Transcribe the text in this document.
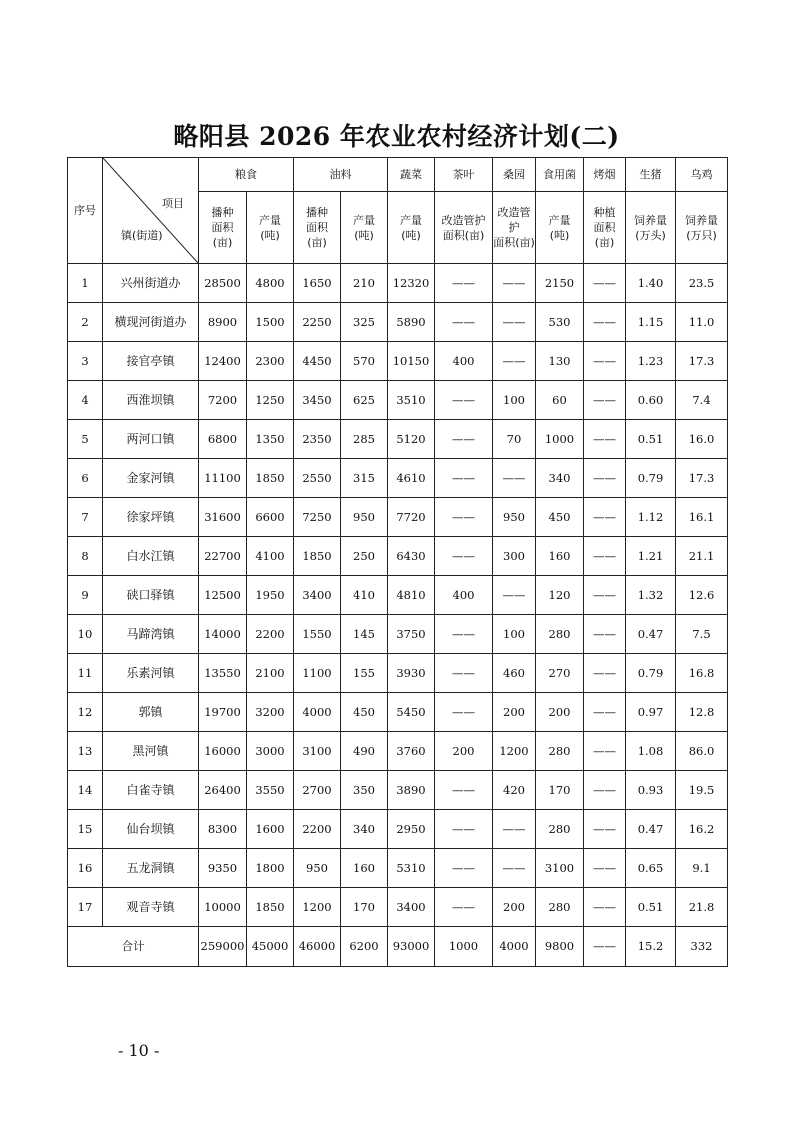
略阳县 2026 年农业农村经济计划(二)
序号	项目
镇(街道)	粮食		油料		蔬菜	茶叶	桑园	食用菌	烤烟	生猪	乌鸡
		播种
面积
(亩)	产量
(吨)	播种
面积
(亩)	产量
(吨)	产量
(吨)	改造管护
面积(亩)	改造管护
面积(亩)	产量
(吨)	种植
面积
(亩)	饲养量
(万头)	饲养量
(万只)
1	兴州街道办	28500	4800	1650	210	12320	——	——	2150	——	1.40	23.5
2	横现河街道办	8900	1500	2250	325	5890	——	——	530	——	1.15	11.0
3	接官亭镇	12400	2300	4450	570	10150	400	——	130	——	1.23	17.3
4	西淮坝镇	7200	1250	3450	625	3510	——	100	60	——	0.60	7.4
5	两河口镇	6800	1350	2350	285	5120	——	70	1000	——	0.51	16.0
6	金家河镇	11100	1850	2550	315	4610	——	——	340	——	0.79	17.3
7	徐家坪镇	31600	6600	7250	950	7720	——	950	450	——	1.12	16.1
8	白水江镇	22700	4100	1850	250	6430	——	300	160	——	1.21	21.1
9	硖口驿镇	12500	1950	3400	410	4810	400	——	120	——	1.32	12.6
10	马蹄湾镇	14000	2200	1550	145	3750	——	100	280	——	0.47	7.5
11	乐素河镇	13550	2100	1100	155	3930	——	460	270	——	0.79	16.8
12	郭镇	19700	3200	4000	450	5450	——	200	200	——	0.97	12.8
13	黑河镇	16000	3000	3100	490	3760	200	1200	280	——	1.08	86.0
14	白雀寺镇	26400	3550	2700	350	3890	——	420	170	——	0.93	19.5
15	仙台坝镇	8300	1600	2200	340	2950	——	——	280	——	0.47	16.2
16	五龙洞镇	9350	1800	950	160	5310	——	——	3100	——	0.65	9.1
17	观音寺镇	10000	1850	1200	170	3400	——	200	280	——	0.51	21.8
合计		259000	45000	46000	6200	93000	1000	4000	9800	——	15.2	332
- 10 -
